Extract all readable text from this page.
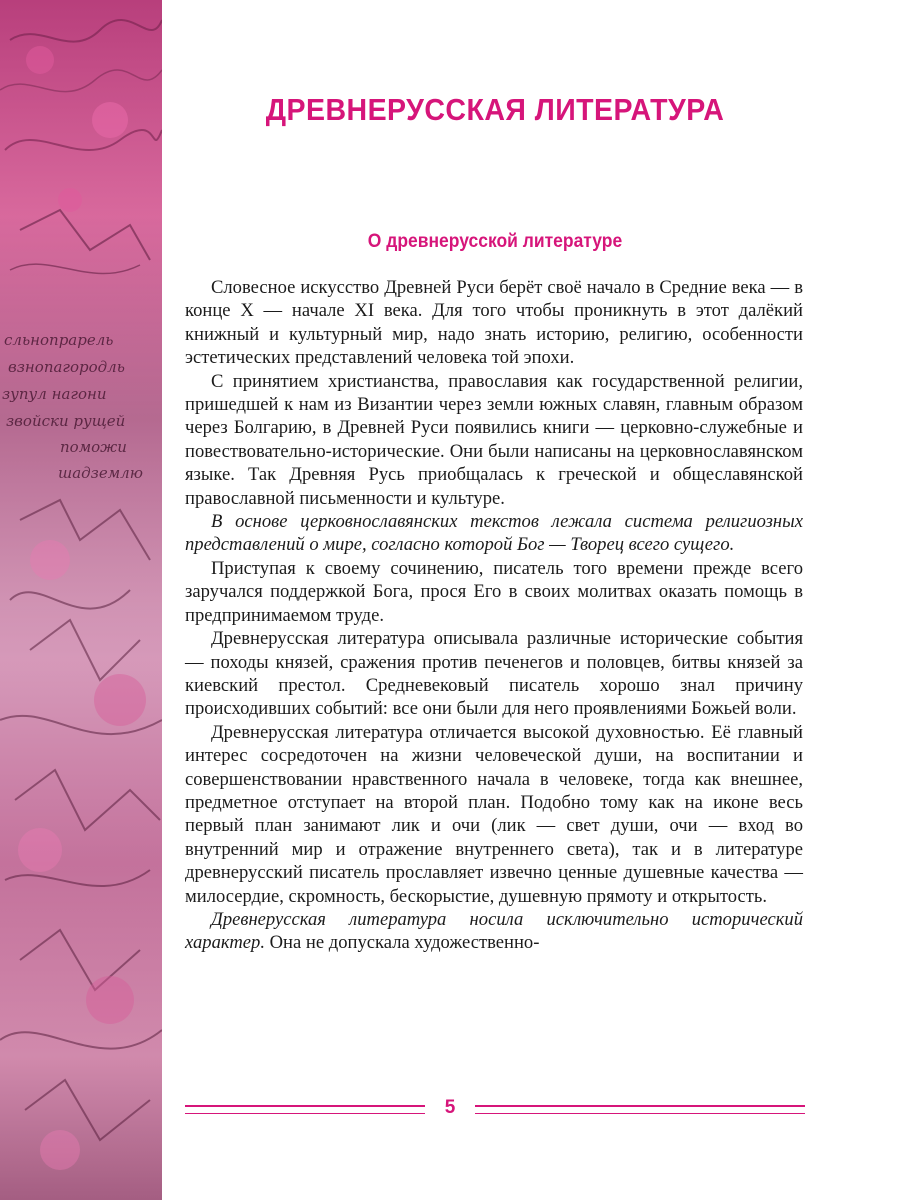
сльнопрарель
взнопагородль
зупул нагони
звойски рущей
поможи
шадземлю
ДРЕВНЕРУССКАЯ ЛИТЕРАТУРА
О древнерусской литературе

Словесное искусство Древней Руси берёт своё начало в Средние века — в конце X — начале XI века. Для того чтобы проникнуть в этот далёкий книжный и культурный мир, надо знать историю, религию, особенности эстетических представлений человека той эпохи.

С принятием христианства, православия как государственной религии, пришедшей к нам из Византии через земли южных славян, главным образом через Болгарию, в Древней Руси появились книги — церковно-служебные и повествовательно-исторические. Они были написаны на церковнославянском языке. Так Древняя Русь приобщалась к греческой и общеславянской православной письменности и культуре.

В основе церковнославянских текстов лежала система религиозных представлений о мире, согласно которой Бог — Творец всего сущего.

Приступая к своему сочинению, писатель того времени прежде всего заручался поддержкой Бога, прося Его в своих молитвах оказать помощь в предпринимаемом труде.

Древнерусская литература описывала различные исторические события — походы князей, сражения против печенегов и половцев, битвы князей за киевский престол. Средневековый писатель хорошо знал причину происходивших событий: все они были для него проявлениями Божьей воли.

Древнерусская литература отличается высокой духовностью. Её главный интерес сосредоточен на жизни человеческой души, на воспитании и совершенствовании нравственного начала в человеке, тогда как внешнее, предметное отступает на второй план. Подобно тому как на иконе весь первый план занимают лик и очи (лик — свет души, очи — вход во внутренний мир и отражение внутреннего света), так и в литературе древнерусский писатель прославляет извечно ценные душевные качества — милосердие, скромность, бескорыстие, душевную прямоту и открытость.

Древнерусская литература носила исключительно исторический характер. Она не допускала художественно-

5
